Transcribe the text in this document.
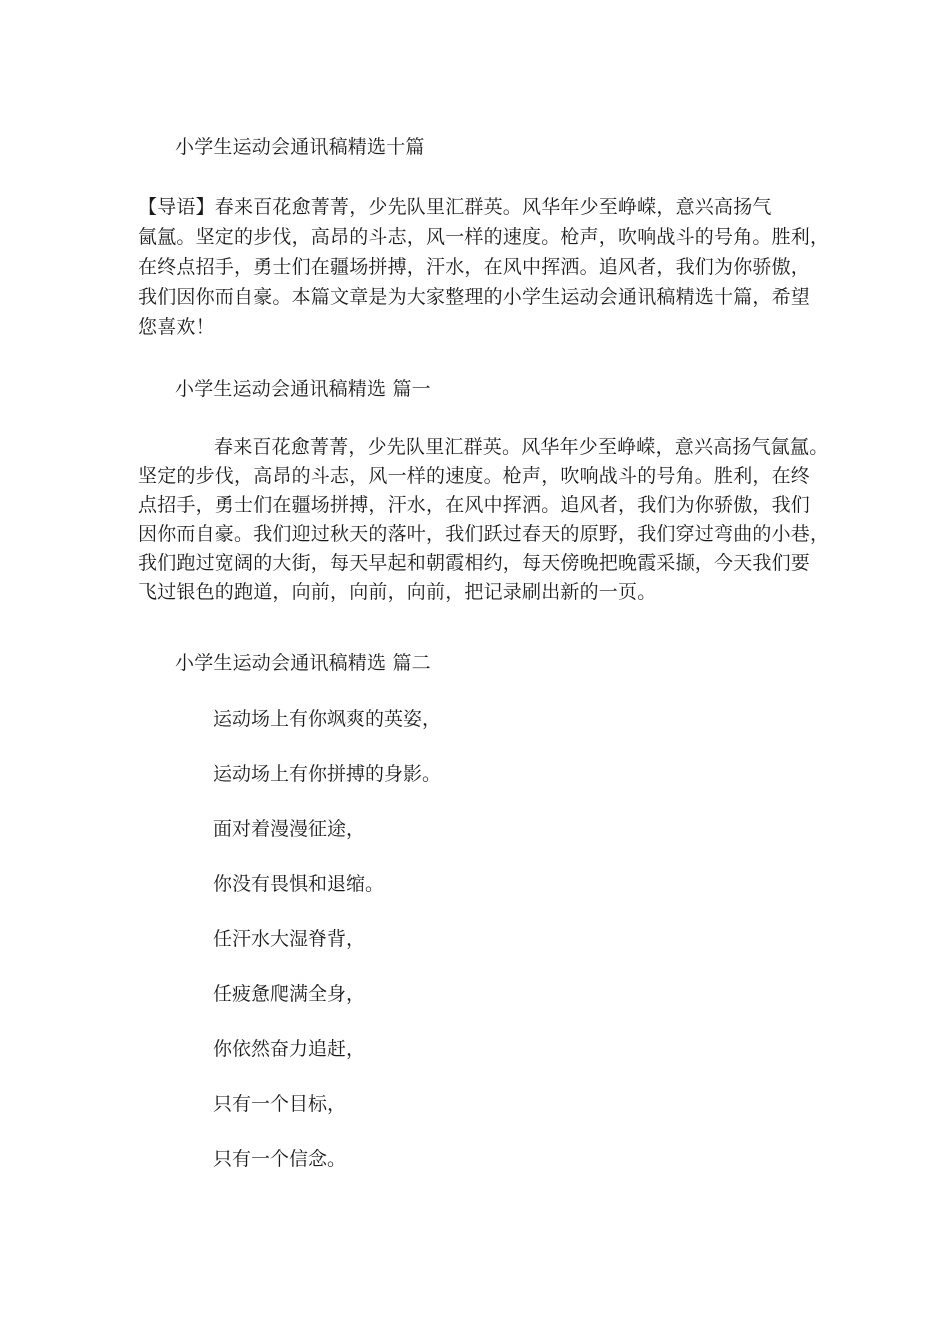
小学生运动会通讯稿精选十篇
【导语】春来百花愈菁菁，少先队里汇群英。风华年少至峥嵘，意兴高扬气
氤氲。坚定的步伐，高昂的斗志，风一样的速度。枪声，吹响战斗的号角。胜利，
在终点招手，勇士们在疆场拼搏，汗水，在风中挥洒。追风者，我们为你骄傲，
我们因你而自豪。本篇文章是为大家整理的小学生运动会通讯稿精选十篇，希望
您喜欢！
小学生运动会通讯稿精选 篇一
春来百花愈菁菁，少先队里汇群英。风华年少至峥嵘，意兴高扬气氤氲。
坚定的步伐，高昂的斗志，风一样的速度。枪声，吹响战斗的号角。胜利，在终
点招手，勇士们在疆场拼搏，汗水，在风中挥洒。追风者，我们为你骄傲，我们
因你而自豪。我们迎过秋天的落叶，我们跃过春天的原野，我们穿过弯曲的小巷，
我们跑过宽阔的大街，每天早起和朝霞相约，每天傍晚把晚霞采撷，今天我们要
飞过银色的跑道，向前，向前，向前，把记录刷出新的一页。
小学生运动会通讯稿精选 篇二
运动场上有你飒爽的英姿，
运动场上有你拼搏的身影。
面对着漫漫征途，
你没有畏惧和退缩。
任汗水大湿脊背，
任疲惫爬满全身，
你依然奋力追赶，
只有一个目标，
只有一个信念。
